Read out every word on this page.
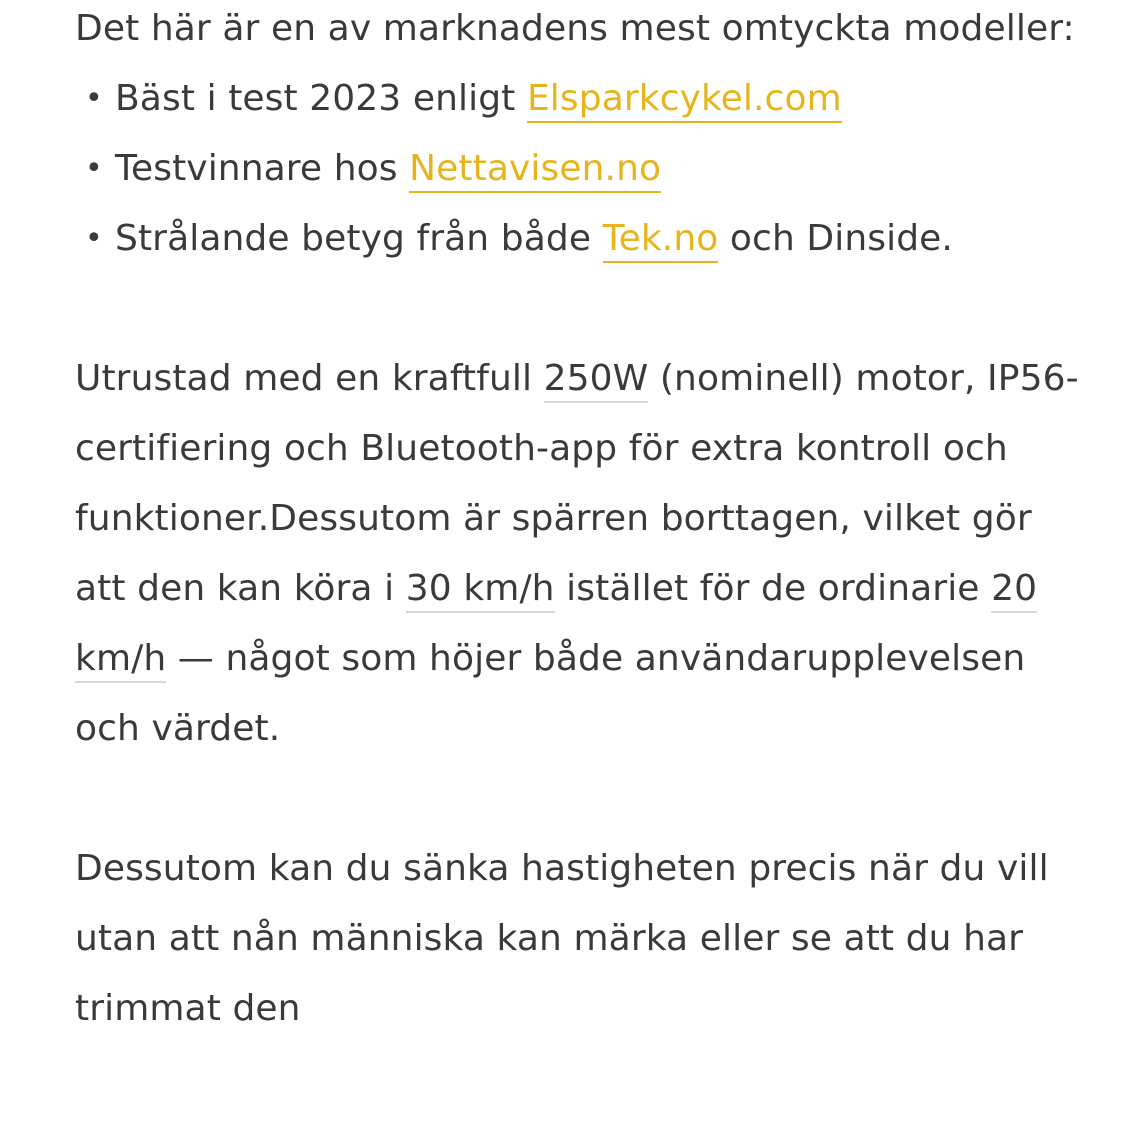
Det här är en av marknadens mest omtyckta modeller:

• Bäst i test 2023 enligt Elsparkcykel.com
• Testvinnare hos Nettavisen.no
• Strålande betyg från både Tek.no och Dinside.

Utrustad med en kraftfull 250W (nominell) motor, IP56-certifiering och Bluetooth-app för extra kontroll och funktioner.Dessutom är spärren borttagen, vilket gör att den kan köra i 30 km/h istället för de ordinarie 20 km/h — något som höjer både användarupplevelsen och värdet.

Dessutom kan du sänka hastigheten precis när du vill utan att nån människa kan märka eller se att du har trimmat den
